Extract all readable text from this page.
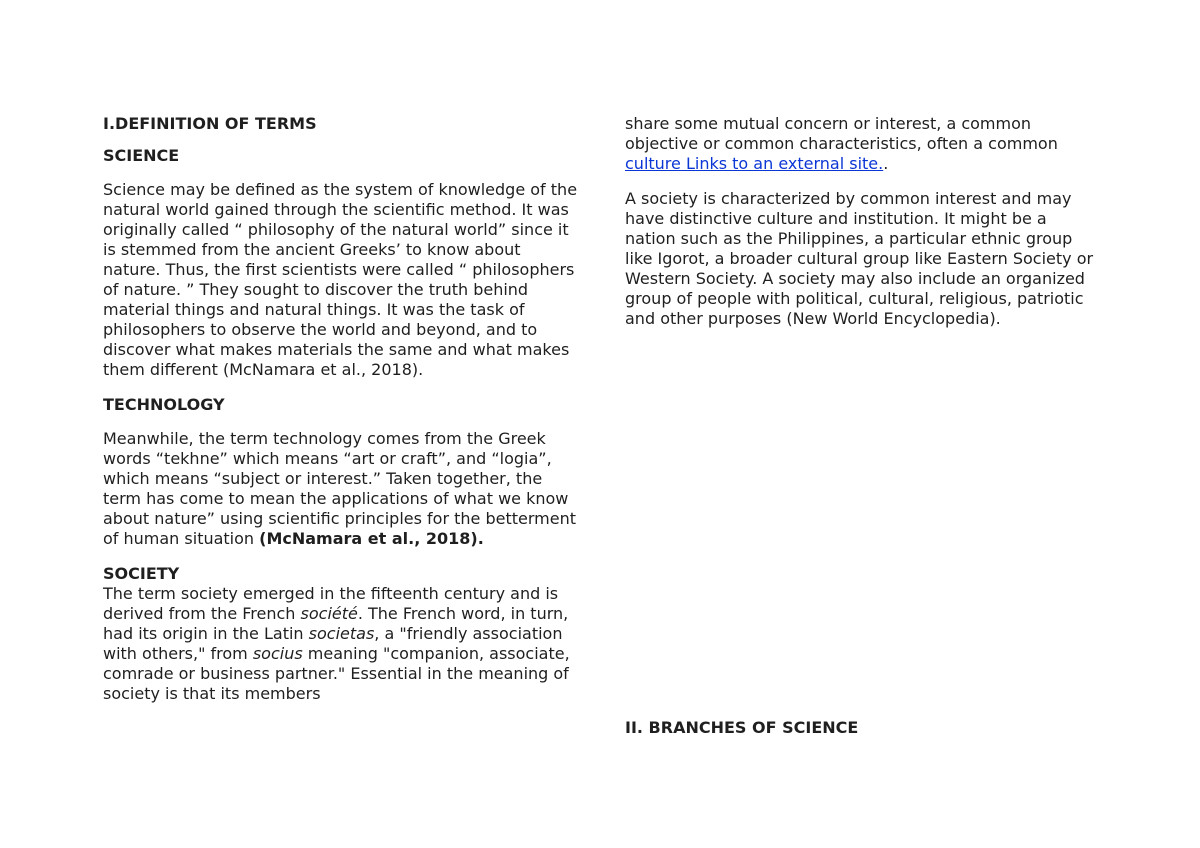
I.DEFINITION OF TERMS

SCIENCE

Science may be defined as the system of knowledge of the natural world gained through the scientific method. It was originally called “ philosophy of the natural world” since it is stemmed from the ancient Greeks’ to know about nature. Thus, the first scientists were called “ philosophers of nature. ” They sought to discover the truth behind material things and natural things. It was the task of philosophers to observe the world and beyond, and to discover what makes materials the same and what makes them different (McNamara et al., 2018).

TECHNOLOGY

Meanwhile, the term technology comes from the Greek words “tekhne” which means “art or craft”, and “logia”, which means “subject or interest.” Taken together, the term has come to mean the applications of what we know about nature” using scientific principles for the betterment of human situation (McNamara et al., 2018).

SOCIETY

The term society emerged in the fifteenth century and is derived from the French société. The French word, in turn, had its origin in the Latin societas, a "friendly association with others," from socius meaning "companion, associate, comrade or business partner." Essential in the meaning of society is that its members

share some mutual concern or interest, a common objective or common characteristics, often a common culture Links to an external site..

A society is characterized by common interest and may have distinctive culture and institution. It might be a nation such as the Philippines, a particular ethnic group like Igorot, a broader cultural group like Eastern Society or Western Society. A society may also include an organized group of people with political, cultural, religious, patriotic and other purposes (New World Encyclopedia).

II. BRANCHES OF SCIENCE
